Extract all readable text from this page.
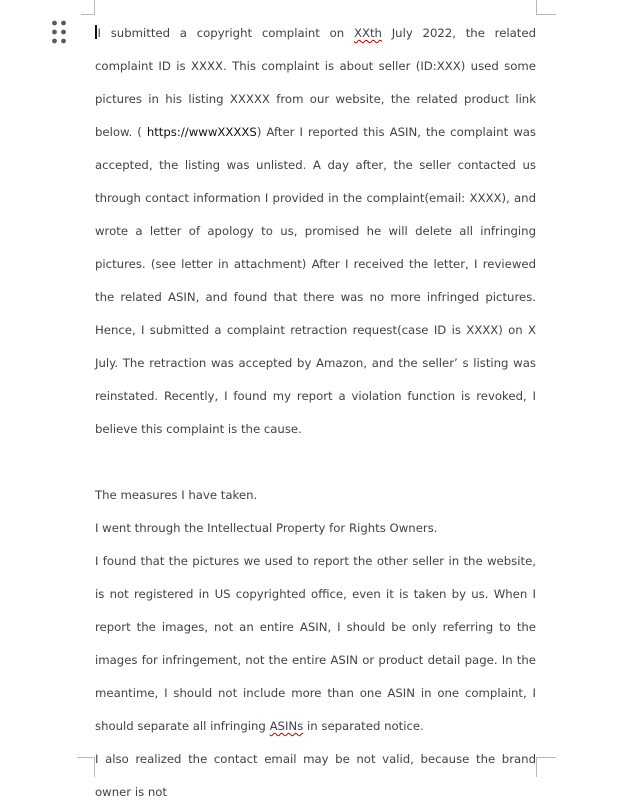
I submitted a copyright complaint on XXth July 2022, the related complaint ID is XXXX. This complaint is about seller (ID:XXX) used some pictures in his listing XXXXX from our website, the related product link below. ( https://wwwXXXXS) After I reported this ASIN, the complaint was accepted, the listing was unlisted. A day after, the seller contacted us through contact information I provided in the complaint(email: XXXX), and wrote a letter of apology to us, promised he will delete all infringing pictures. (see letter in attachment) After I received the letter, I reviewed the related ASIN, and found that there was no more infringed pictures. Hence, I submitted a complaint retraction request(case ID is XXXX) on X July. The retraction was accepted by Amazon, and the seller’ s listing was reinstated. Recently, I found my report a violation function is revoked, I believe this complaint is the cause.

The measures I have taken.

I went through the Intellectual Property for Rights Owners.

I found that the pictures we used to report the other seller in the website, is not registered in US copyrighted office, even it is taken by us. When I report the images, not an entire ASIN, I should be only referring to the images for infringement, not the entire ASIN or product detail page. In the meantime, I should not include more than one ASIN in one complaint, I should separate all infringing ASINs in separated notice.

I also realized the contact email may be not valid, because the brand owner is not
